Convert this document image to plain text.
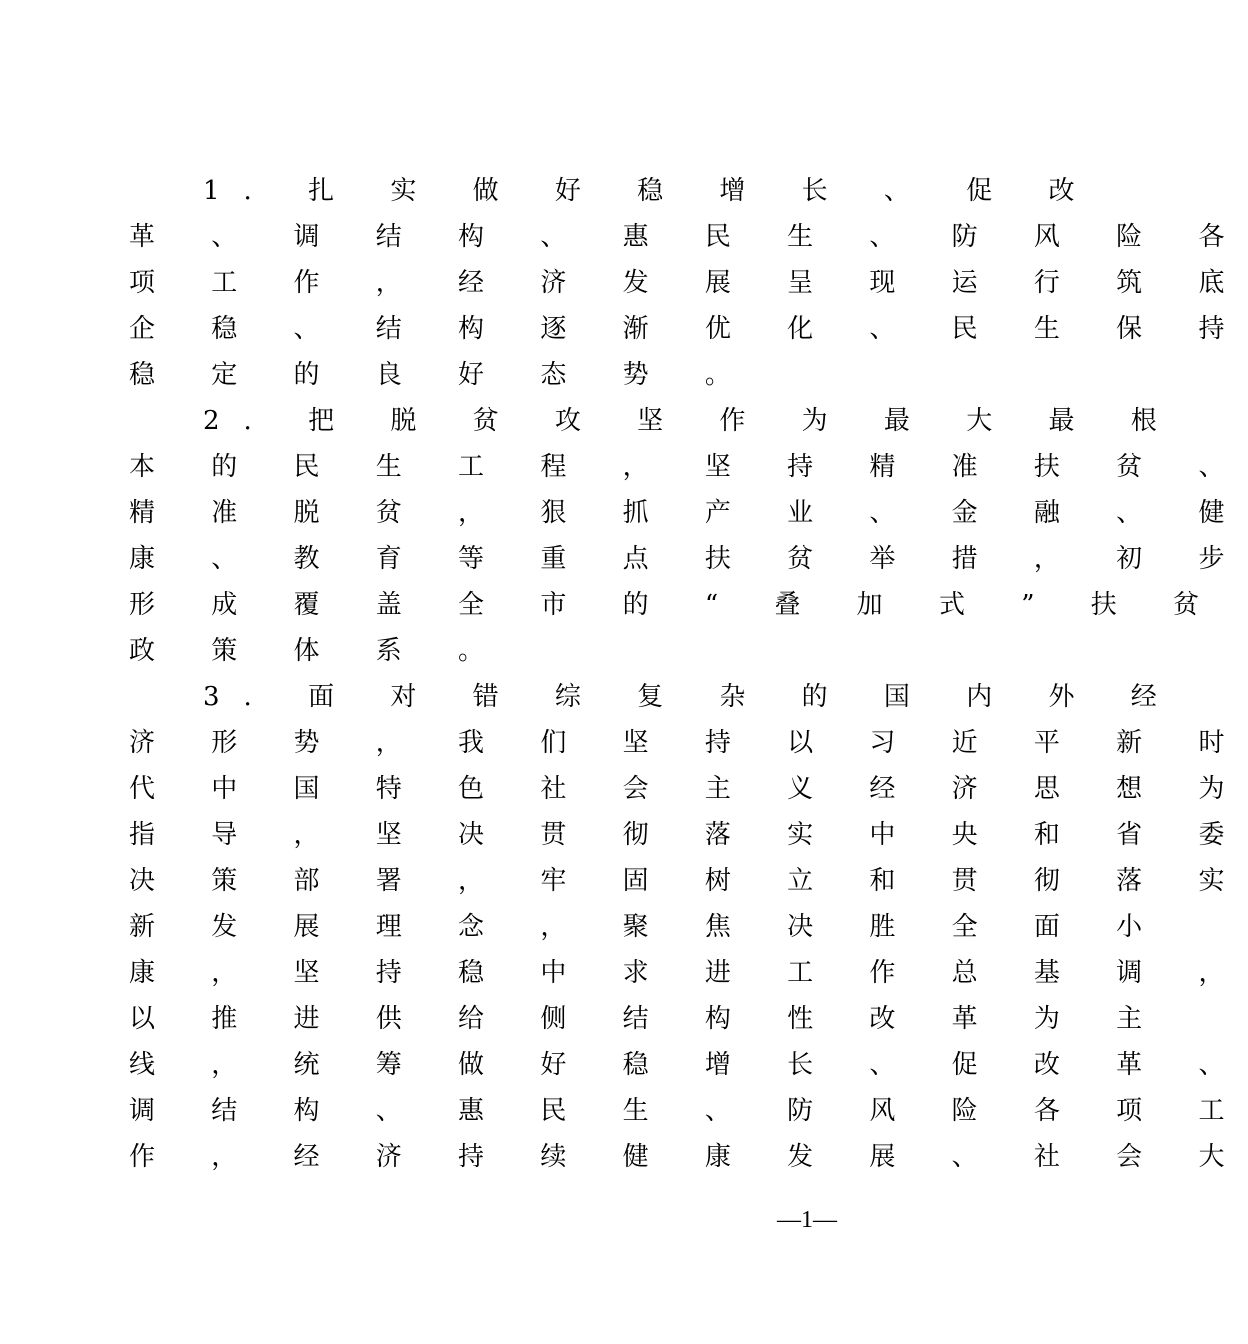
1. 扎 实 做 好 稳 增 长 、 促 改
革 、 调 结 构 、 惠 民 生 、 防 风 险 各
项 工 作 ， 经 济 发 展 呈 现 运 行 筑 底
企 稳 、 结 构 逐 渐 优 化 、 民 生 保 持
稳 定 的 良 好 态 势 。
2. 把 脱 贫 攻 坚 作 为 最 大 最 根
本 的 民 生 工 程 ， 坚 持 精 准 扶 贫 、
精 准 脱 贫 ， 狠 抓 产 业 、 金 融 、 健
康 、 教 育 等 重 点 扶 贫 举 措 ， 初 步
形 成 覆 盖 全 市 的 “ 叠 加 式 ” 扶 贫
政 策 体 系 。
3. 面 对 错 综 复 杂 的 国 内 外 经
济 形 势 ， 我 们 坚 持 以 习 近 平 新 时
代 中 国 特 色 社 会 主 义 经 济 思 想 为
指 导 ， 坚 决 贯 彻 落 实 中 央 和 省 委
决 策 部 署 ， 牢 固 树 立 和 贯 彻 落 实
新 发 展 理 念 ， 聚 焦 决 胜 全 面 小
康 ， 坚 持 稳 中 求 进 工 作 总 基 调 ，
以 推 进 供 给 侧 结 构 性 改 革 为 主
线 ， 统 筹 做 好 稳 增 长 、 促 改 革 、
调 结 构 、 惠 民 生 、 防 风 险 各 项 工
作 ， 经 济 持 续 健 康 发 展 、 社 会 大
—1—
